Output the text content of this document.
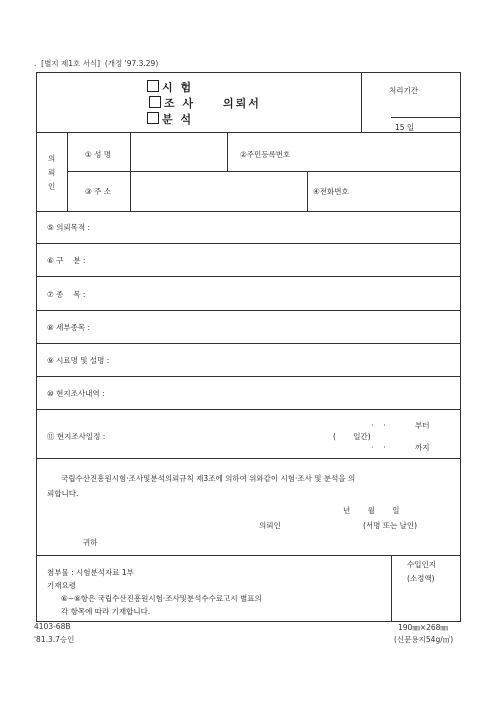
. [별지 제1호 서식] (개정 '97.3.29)
시 험
조 사	의뢰서
분 석
처리기간
15 일
의
뢰
인
① 성 명	②주민등록번호
③ 주 소	④전화번호
⑤ 의뢰목적 :
⑥ 구　 분 :
⑦ 종　 목 :
⑧ 세부종목 :
⑨ 시료명 및 설명 :
⑩ 현지조사내역 :
⑪ 현지조사일정 :
·　 ·	부터
(　　 일간)
·　 ·	까지
국립수산진흥원시험·조사및분석의뢰규칙 제3조에 의하여 위와같이 시험·조사 및 분석을 의
뢰합니다.
년　　 월　　 일
의뢰인	(서명 또는 날인)
귀하
첨부물 : 시험분석자료 1부
기재요령
⑥∼⑧항은 국립수산진흥원시험·조사및분석수수료고시 별표의
각 항목에 따라 기재합니다.
수입인지
(소정액)
4103-68B
'81.3.7승인
190㎜×268㎜
(신문용지54g/㎡)
